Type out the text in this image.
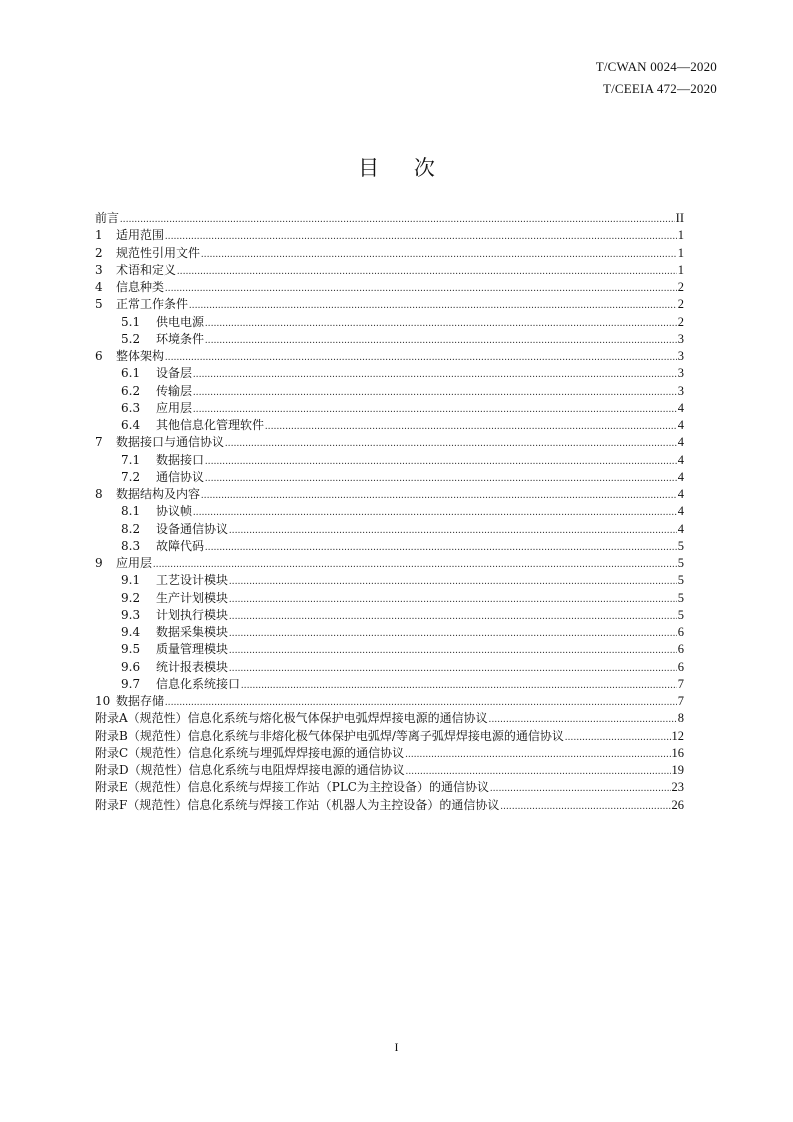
T/CWAN 0024—2020
T/CEEIA 472—2020
目 次
前言 .....	II
1 适用范围 .....	1
2 规范性引用文件 .....	1
3 术语和定义 .....	1
4 信息种类 .....	2
5 正常工作条件 .....	2
5.1 供电电源 .....	2
5.2 环境条件 .....	3
6 整体架构 .....	3
6.1 设备层 .....	3
6.2 传输层 .....	3
6.3 应用层 .....	4
6.4 其他信息化管理软件 .....	4
7 数据接口与通信协议 .....	4
7.1 数据接口 .....	4
7.2 通信协议 .....	4
8 数据结构及内容 .....	4
8.1 协议帧 .....	4
8.2 设备通信协议 .....	4
8.3 故障代码 .....	5
9 应用层 .....	5
9.1 工艺设计模块 .....	5
9.2 生产计划模块 .....	5
9.3 计划执行模块 .....	5
9.4 数据采集模块 .....	6
9.5 质量管理模块 .....	6
9.6 统计报表模块 .....	6
9.7 信息化系统接口 .....	7
10 数据存储 .....	7
附录A（规范性）信息化系统与熔化极气体保护电弧焊焊接电源的通信协议 .....	8
附录B（规范性）信息化系统与非熔化极气体保护电弧焊/等离子弧焊焊接电源的通信协议 .....	12
附录C（规范性）信息化系统与埋弧焊焊接电源的通信协议 .....	16
附录D（规范性）信息化系统与电阻焊焊接电源的通信协议 .....	19
附录E（规范性）信息化系统与焊接工作站（PLC为主控设备）的通信协议 .....	23
附录F（规范性）信息化系统与焊接工作站（机器人为主控设备）的通信协议 .....	26
I
